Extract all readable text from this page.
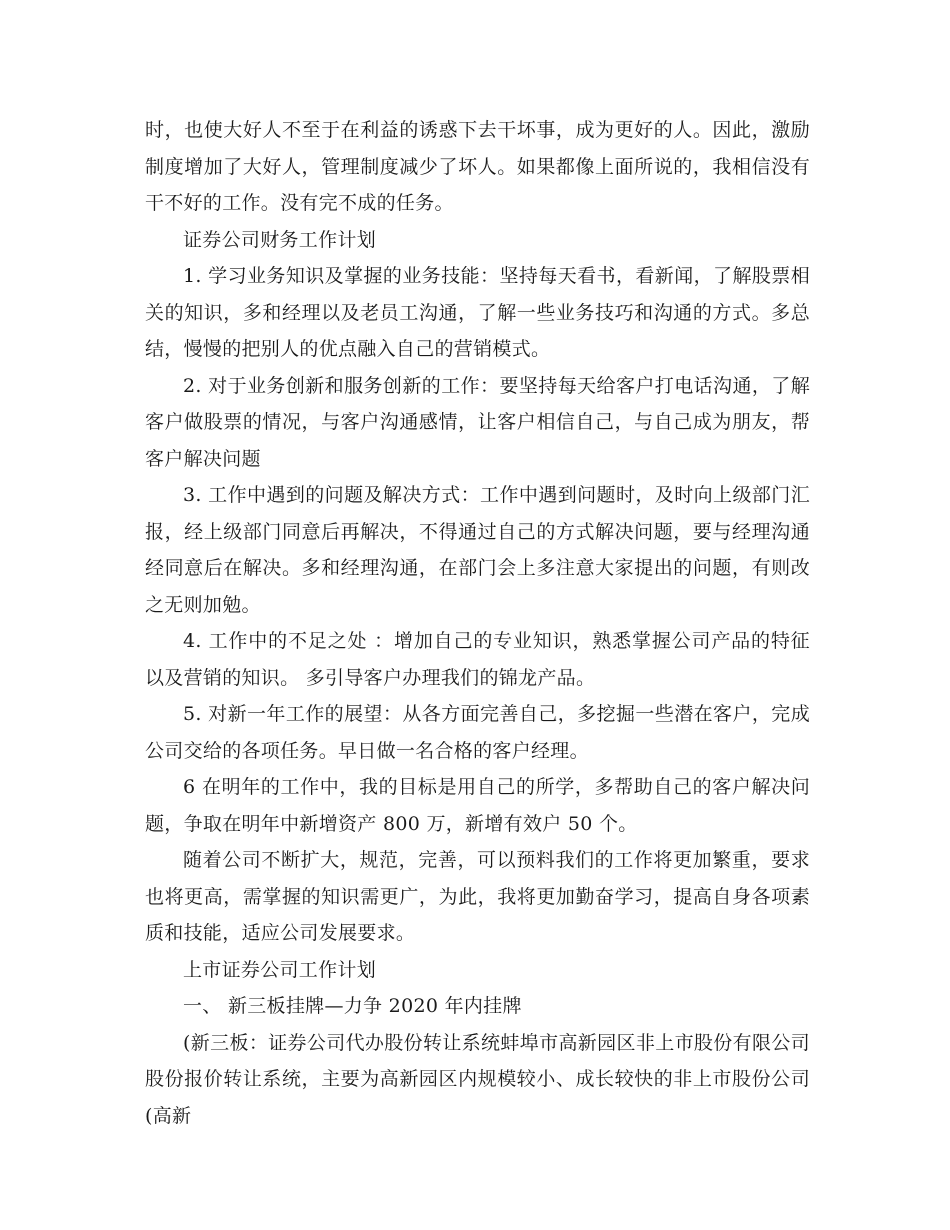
时，也使大好人不至于在利益的诱惑下去干坏事，成为更好的人。因此，激励制度增加了大好人，管理制度减少了坏人。如果都像上面所说的，我相信没有干不好的工作。没有完不成的任务。

证券公司财务工作计划

1. 学习业务知识及掌握的业务技能：坚持每天看书，看新闻，了解股票相关的知识，多和经理以及老员工沟通，了解一些业务技巧和沟通的方式。多总结，慢慢的把别人的优点融入自己的营销模式。

2. 对于业务创新和服务创新的工作：要坚持每天给客户打电话沟通，了解客户做股票的情况，与客户沟通感情，让客户相信自己，与自己成为朋友，帮客户解决问题

3. 工作中遇到的问题及解决方式：工作中遇到问题时，及时向上级部门汇报，经上级部门同意后再解决，不得通过自己的方式解决问题，要与经理沟通经同意后在解决。多和经理沟通，在部门会上多注意大家提出的问题，有则改之无则加勉。

4. 工作中的不足之处 ：增加自己的专业知识，熟悉掌握公司产品的特征以及营销的知识。 多引导客户办理我们的锦龙产品。

5. 对新一年工作的展望：从各方面完善自己，多挖掘一些潜在客户，完成公司交给的各项任务。早日做一名合格的客户经理。

6 在明年的工作中，我的目标是用自己的所学，多帮助自己的客户解决问题，争取在明年中新增资产 800 万，新增有效户 50 个。

随着公司不断扩大，规范，完善，可以预料我们的工作将更加繁重，要求也将更高，需掌握的知识需更广，为此，我将更加勤奋学习，提高自身各项素质和技能，适应公司发展要求。

上市证券公司工作计划

一、 新三板挂牌—力争 2020 年内挂牌

(新三板：证券公司代办股份转让系统蚌埠市高新园区非上市股份有限公司股份报价转让系统，主要为高新园区内规模较小、成长较快的非上市股份公司(高新
